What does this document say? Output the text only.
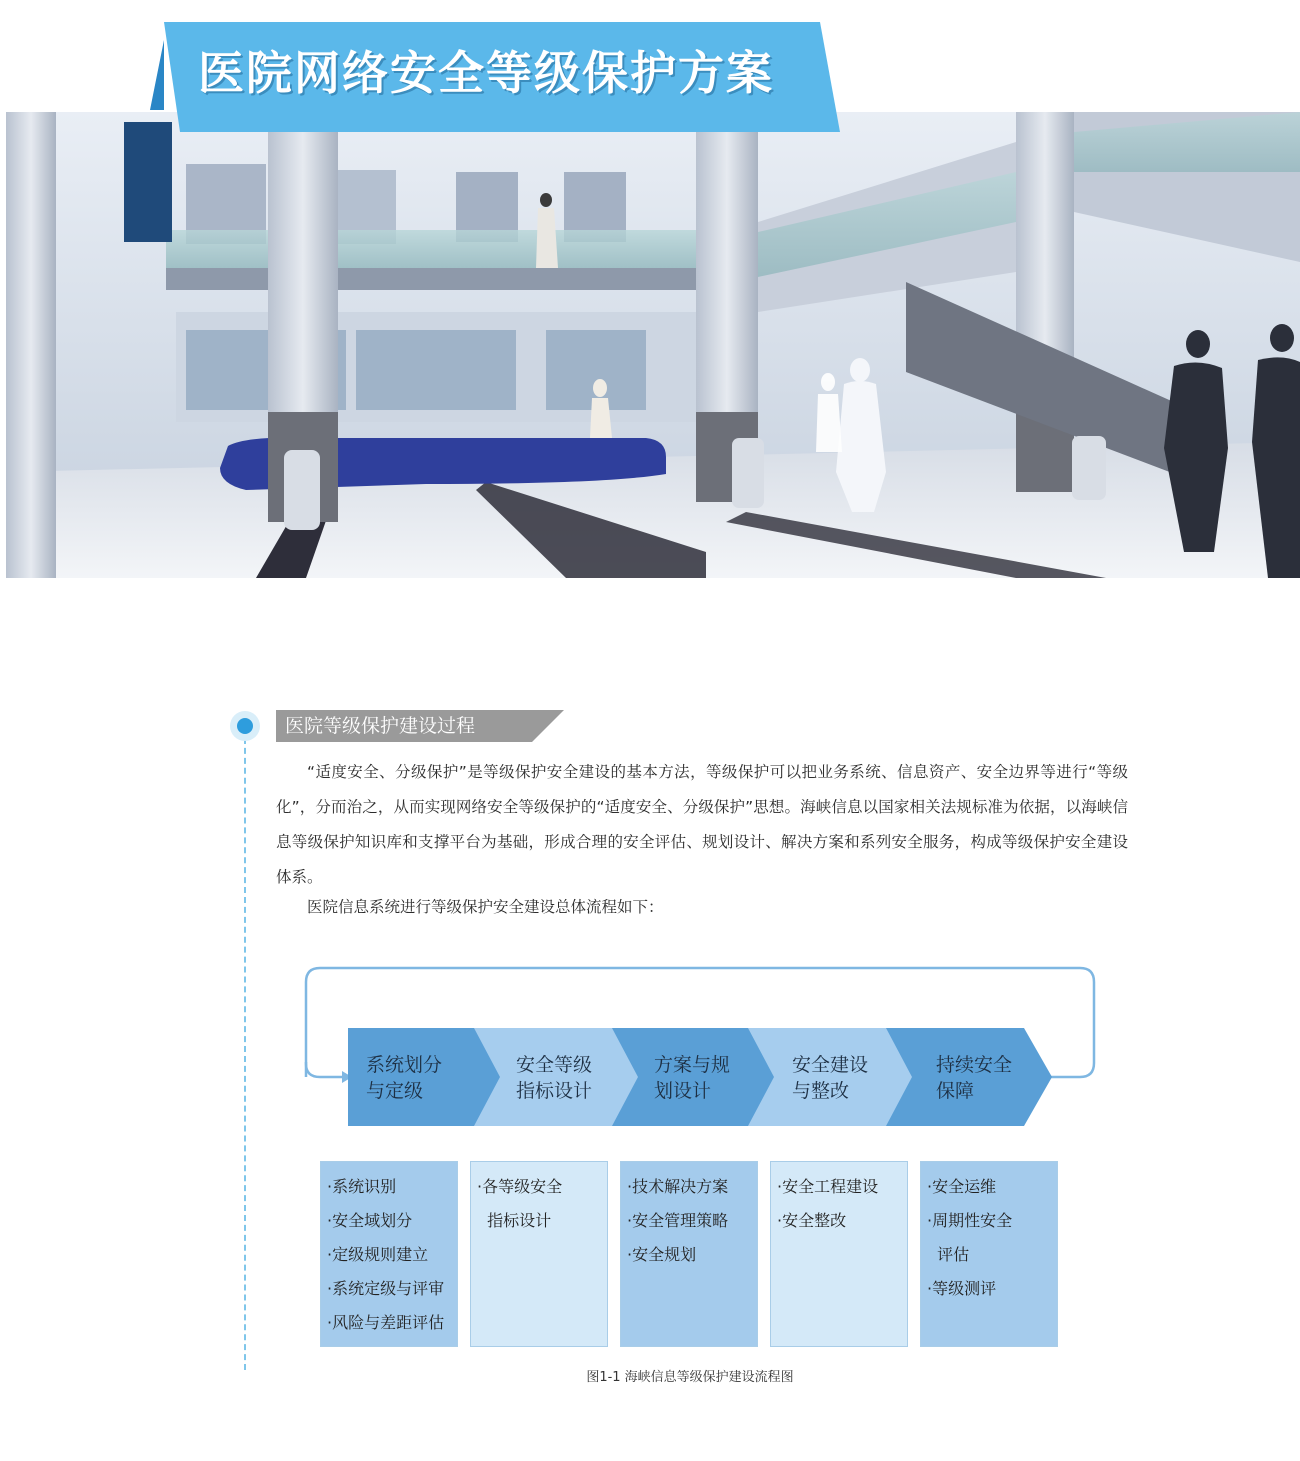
医院网络安全等级保护方案
医院等级保护建设过程

“适度安全、分级保护”是等级保护安全建设的基本方法，等级保护可以把业务系统、信息资产、安全边界等进行“等级化”，分而治之，从而实现网络安全等级保护的“适度安全、分级保护”思想。海峡信息以国家相关法规标准为依据，以海峡信息等级保护知识库和支撑平台为基础，形成合理的安全评估、规划设计、解决方案和系列安全服务，构成等级保护安全建设体系。

医院信息系统进行等级保护安全建设总体流程如下：

系统划分
与定级
安全等级
指标设计
方案与规
划设计
安全建设
与整改
持续安全
保障
·系统识别
·安全域划分
·定级规则建立
·系统定级与评审
·风险与差距评估
·各等级安全
指标设计
·技术解决方案
·安全管理策略
·安全规划
·安全工程建设
·安全整改
·安全运维
·周期性安全
评估
·等级测评
图1-1 海峡信息等级保护建设流程图
